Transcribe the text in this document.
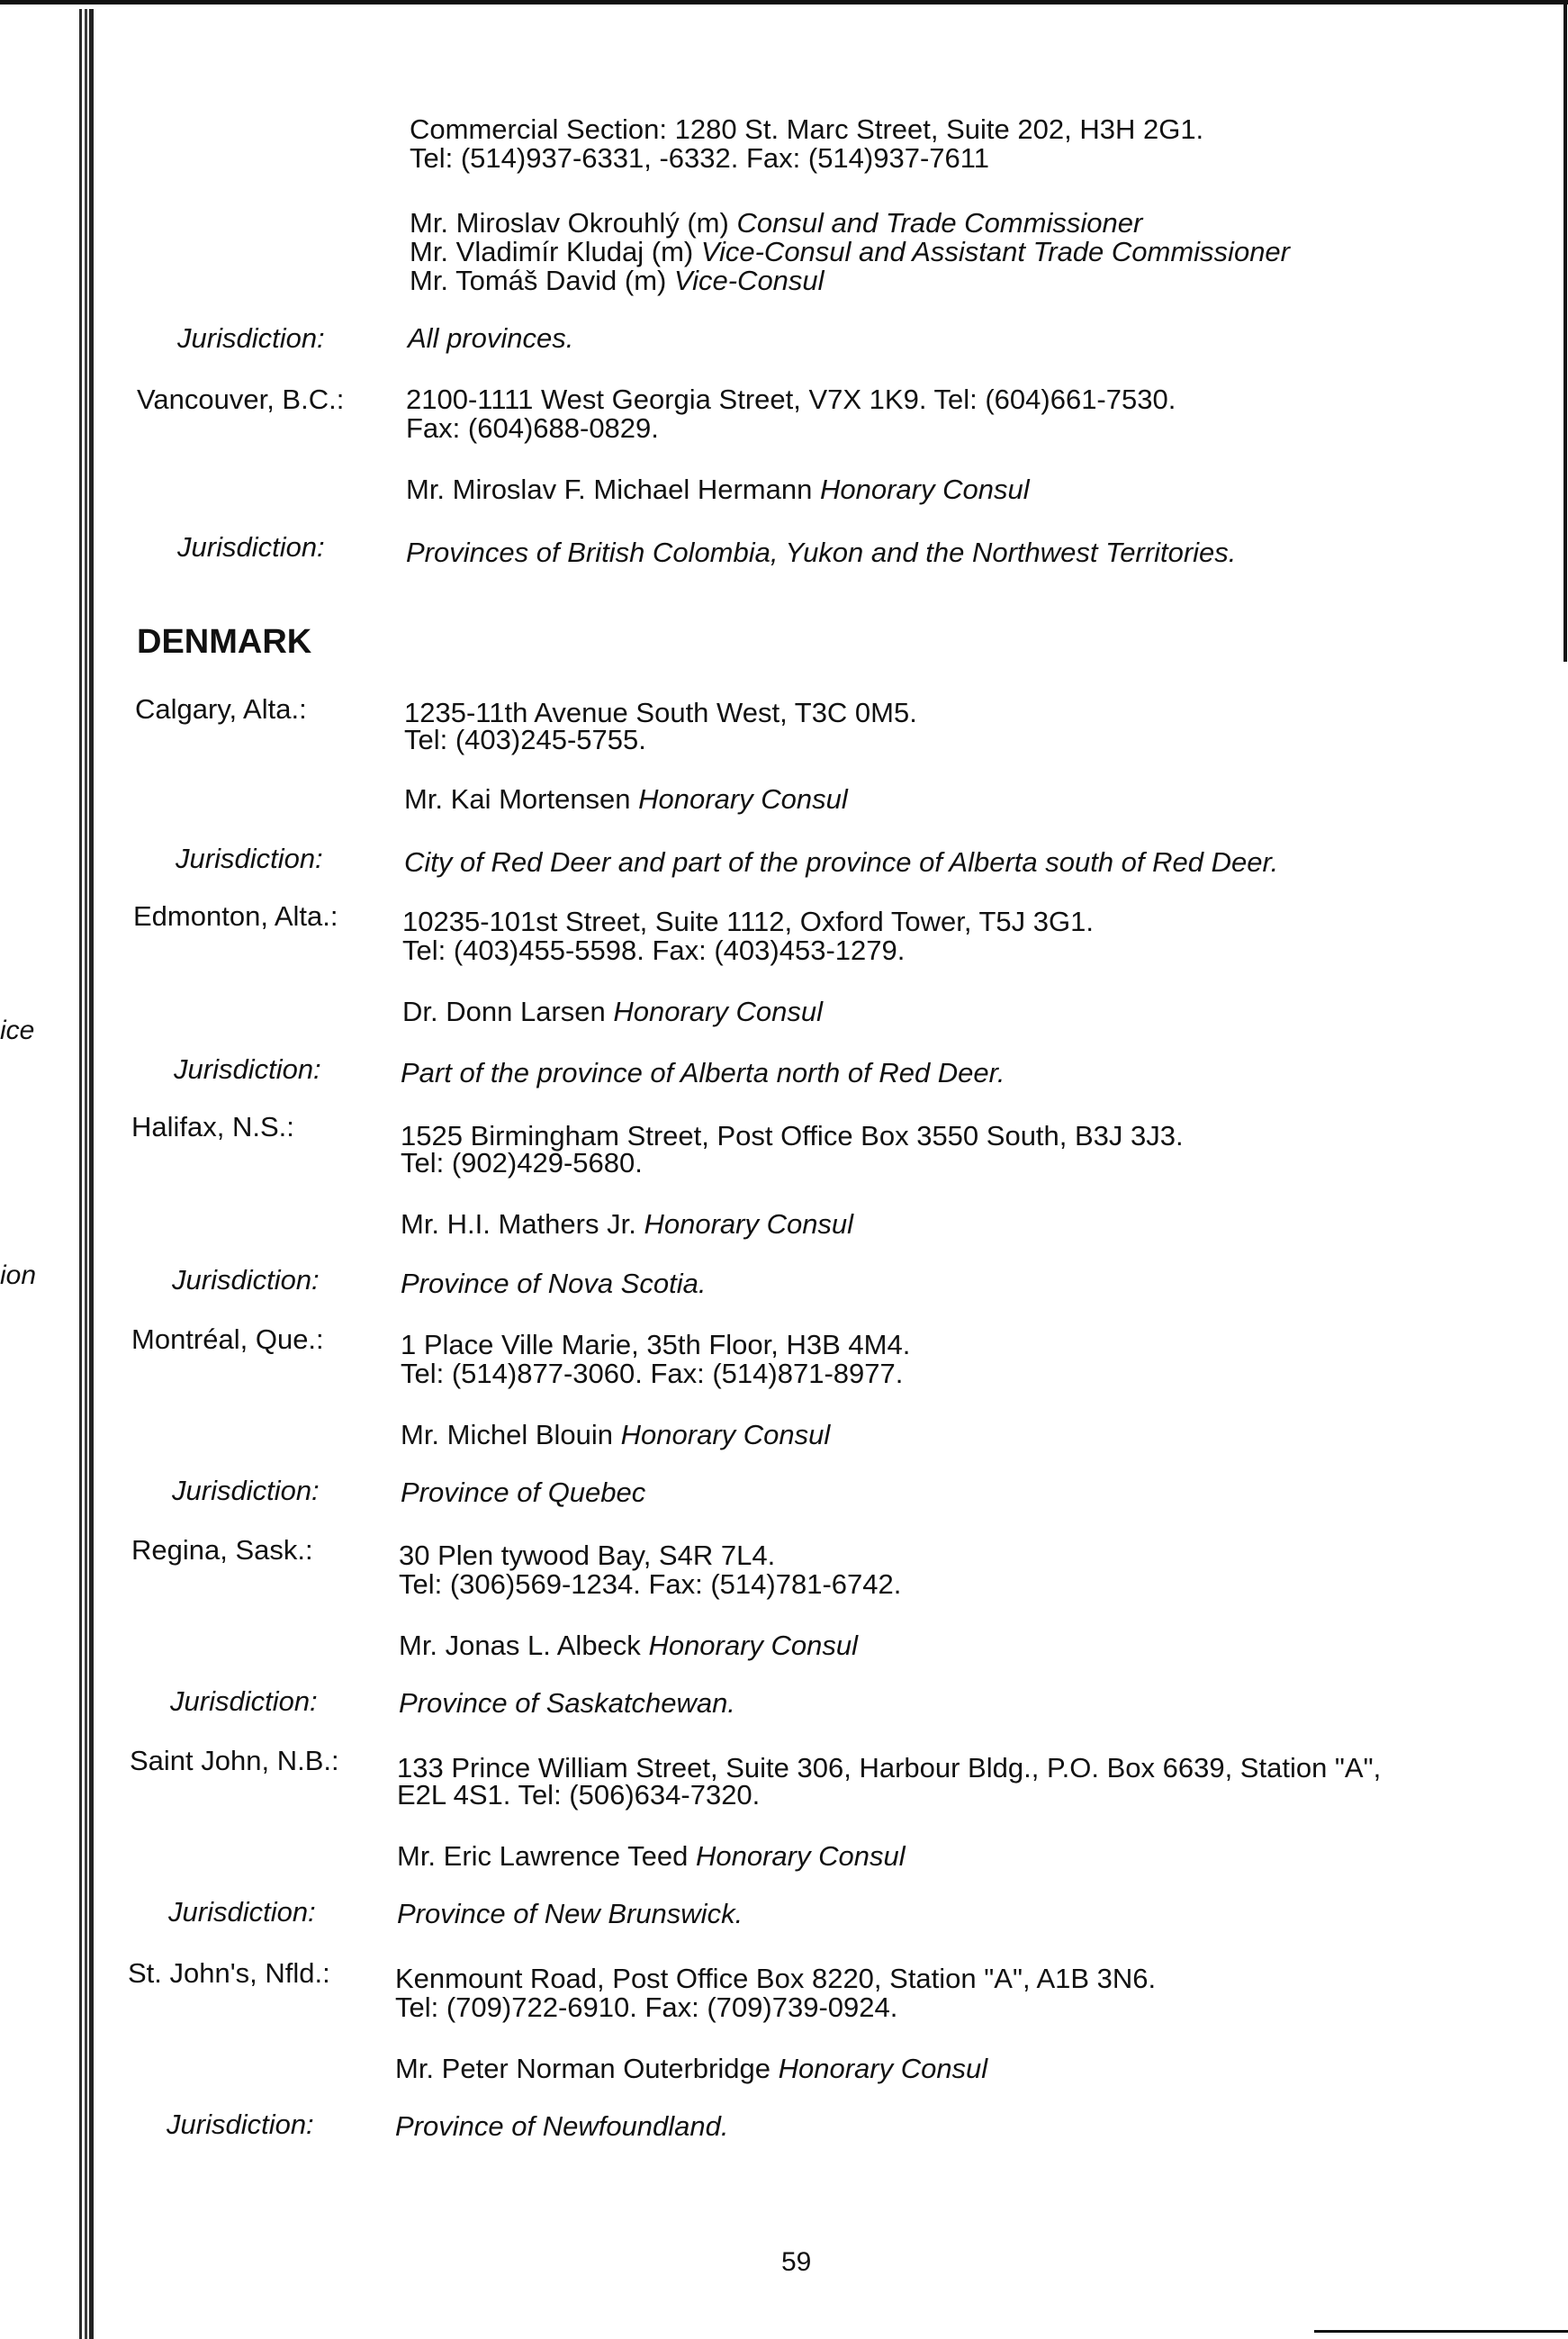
ice
ion
Commercial Section: 1280 St. Marc Street, Suite 202, H3H 2G1.
Tel: (514)937-6331, -6332. Fax: (514)937-7611
Mr. Miroslav Okrouhlý (m) Consul and Trade Commissioner
Mr. Vladimír Kludaj (m) Vice-Consul and Assistant Trade Commissioner
Mr. Tomáš David (m) Vice-Consul
Jurisdiction:	All provinces.
Vancouver, B.C.: 2100-1111 West Georgia Street, V7X 1K9. Tel: (604)661-7530.
Fax: (604)688-0829.
Mr. Miroslav F. Michael Hermann Honorary Consul
Jurisdiction:	Provinces of British Colombia, Yukon and the Northwest Territories.
DENMARK
Calgary, Alta.:	1235-11th Avenue South West, T3C 0M5.
Tel: (403)245-5755.
Mr. Kai Mortensen Honorary Consul
Jurisdiction:	City of Red Deer and part of the province of Alberta south of Red Deer.
Edmonton, Alta.: 10235-101st Street, Suite 1112, Oxford Tower, T5J 3G1.
Tel: (403)455-5598. Fax: (403)453-1279.
Dr. Donn Larsen Honorary Consul
Jurisdiction:	Part of the province of Alberta north of Red Deer.
Halifax, N.S.:	1525 Birmingham Street, Post Office Box 3550 South, B3J 3J3.
Tel: (902)429-5680.
Mr. H.I. Mathers Jr. Honorary Consul
Jurisdiction:	Province of Nova Scotia.
Montréal, Que.:	1 Place Ville Marie, 35th Floor, H3B 4M4.
Tel: (514)877-3060. Fax: (514)871-8977.
Mr. Michel Blouin Honorary Consul
Jurisdiction:	Province of Quebec
Regina, Sask.:	30 Plen tywood Bay, S4R 7L4.
Tel: (306)569-1234. Fax: (514)781-6742.
Mr. Jonas L. Albeck Honorary Consul
Jurisdiction:	Province of Saskatchewan.
Saint John, N.B.: 133 Prince William Street, Suite 306, Harbour Bldg., P.O. Box 6639, Station "A",
E2L 4S1. Tel: (506)634-7320.
Mr. Eric Lawrence Teed Honorary Consul
Jurisdiction:	Province of New Brunswick.
St. John's, Nfld.: Kenmount Road, Post Office Box 8220, Station "A", A1B 3N6.
Tel: (709)722-6910. Fax: (709)739-0924.
Mr. Peter Norman Outerbridge Honorary Consul
Jurisdiction:	Province of Newfoundland.
59
